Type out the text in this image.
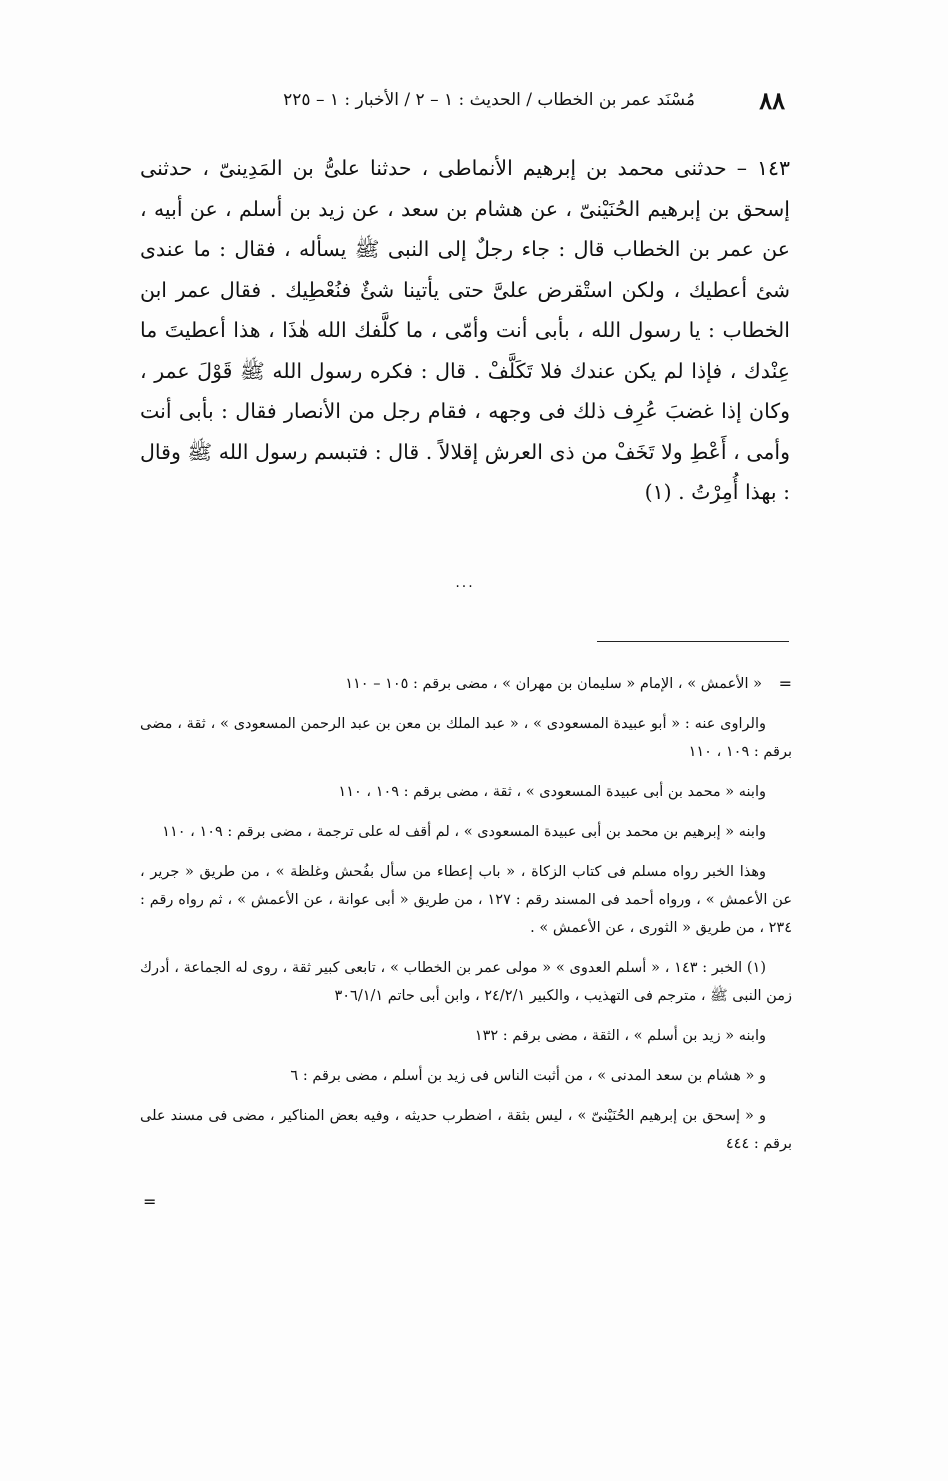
٨٨
مُسْنَد عمر بن الخطاب / الحديث : ١ – ٢ / الأخبار : ١ – ٢٢٥

١٤٣ – حدثنى محمد بن إبرهيم الأنماطى ، حدثنا علىُّ بن المَدِينىّ ، حدثنى إسحق بن إبرهيم الحُنَيْنىّ ، عن هشام بن سعد ، عن زيد بن أسلم ، عن أبيه ، عن عمر بن الخطاب قال : جاء رجلٌ إلى النبى ﷺ يسأله ، فقال : ما عندى شئ أعطيك ، ولكن استْقرض علىَّ حتى يأتينا شئٌ فنُعْطِيك . فقال عمر ابن الخطاب : يا رسول الله ، بأبى أنت وأمّى ، ما كلَّفك الله هٰذَا ، هذا أعطيتَ ما عِنْدك ، فإذا لم يكن عندك فلا تَكَلَّفْ . قال : فكره رسول الله ﷺ قَوْلَ عمر ، وكان إذا غضبَ عُرِف ذلك فى وجهه ، فقام رجل من الأنصار فقال : بأبى أنت وأمى ، أَعْطِ ولا تَخَفْ من ذى العرش إقلالاً . قال : فتبسم رسول الله ﷺ وقال : بهذا أُمِرْتُ . (١)

...

=
« الأعمش » ، الإمام « سليمان بن مهران » ، مضى برقم : ١٠٥ – ١١٠

والراوى عنه : « أبو عبيدة المسعودى » ، « عبد الملك بن معن بن عبد الرحمن المسعودى » ، ثقة ، مضى برقم : ١٠٩ ، ١١٠

وابنه « محمد بن أبى عبيدة المسعودى » ، ثقة ، مضى برقم : ١٠٩ ، ١١٠

وابنه « إبرهيم بن محمد بن أبى عبيدة المسعودى » ، لم أقف له على ترجمة ، مضى برقم : ١٠٩ ، ١١٠

وهذا الخبر رواه مسلم فى كتاب الزكاة ، « باب إعطاء من سأل بفُحش وغلظة » ، من طريق « جرير ، عن الأعمش » ، ورواه أحمد فى المسند رقم : ١٢٧ ، من طريق « أبى عوانة ، عن الأعمش » ، ثم رواه رقم : ٢٣٤ ، من طريق « الثورى ، عن الأعمش » .

(١) الخبر : ١٤٣ ، « أسلم العدوى » « مولى عمر بن الخطاب » ، تابعى كبير ثقة ، روى له الجماعة ، أدرك زمن النبى ﷺ ، مترجم فى التهذيب ، والكبير ٢٤/٢/١ ، وابن أبى حاتم ٣٠٦/١/١

وابنه « زيد بن أسلم » ، الثقة ، مضى برقم : ١٣٢

و « هشام بن سعد المدنى » ، من أثبت الناس فى زيد بن أسلم ، مضى برقم : ٦

و « إسحق بن إبرهيم الحُنَيْنىّ » ، ليس بثقة ، اضطرب حديثه ، وفيه بعض المناكير ، مضى فى مسند على برقم : ٤٤٤

=
